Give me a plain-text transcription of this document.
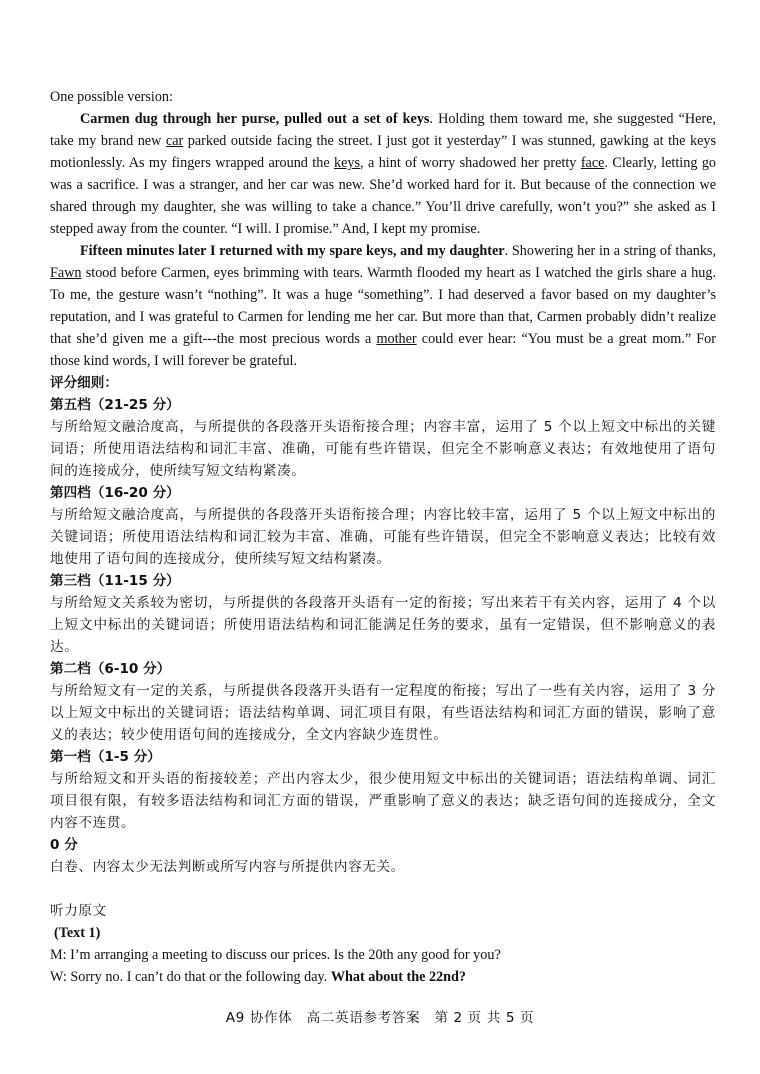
One possible version:

Carmen dug through her purse, pulled out a set of keys. Holding them toward me, she suggested “Here, take my brand new car parked outside facing the street. I just got it yesterday” I was stunned, gawking at the keys motionlessly. As my fingers wrapped around the keys, a hint of worry shadowed her pretty face. Clearly, letting go was a sacrifice. I was a stranger, and her car was new. She’d worked hard for it. But because of the connection we shared through my daughter, she was willing to take a chance.” You’ll drive carefully, won’t you?” she asked as I stepped away from the counter. “I will. I promise.” And, I kept my promise.

Fifteen minutes later I returned with my spare keys, and my daughter. Showering her in a string of thanks, Fawn stood before Carmen, eyes brimming with tears. Warmth flooded my heart as I watched the girls share a hug. To me, the gesture wasn’t “nothing”. It was a huge “something”. I had deserved a favor based on my daughter’s reputation, and I was grateful to Carmen for lending me her car. But more than that, Carmen probably didn’t realize that she’d given me a gift---the most precious words a mother could ever hear: “You must be a great mom.” For those kind words, I will forever be grateful.

评分细则：

第五档（21-25 分）

与所给短文融洽度高，与所提供的各段落开头语衔接合理；内容丰富，运用了 5 个以上短文中标出的关键词语；所使用语法结构和词汇丰富、准确，可能有些许错误，但完全不影响意义表达；有效地使用了语句间的连接成分，使所续写短文结构紧凑。

第四档（16-20 分）

与所给短文融洽度高，与所提供的各段落开头语衔接合理；内容比较丰富，运用了 5 个以上短文中标出的关键词语；所使用语法结构和词汇较为丰富、准确，可能有些许错误，但完全不影响意义表达；比较有效地使用了语句间的连接成分，使所续写短文结构紧凑。

第三档（11-15 分）

与所给短文关系较为密切，与所提供的各段落开头语有一定的衔接；写出来若干有关内容，运用了 4 个以上短文中标出的关键词语；所使用语法结构和词汇能满足任务的要求，虽有一定错误，但不影响意义的表达。

第二档（6-10 分）

与所给短文有一定的关系，与所提供各段落开头语有一定程度的衔接；写出了一些有关内容，运用了 3 分以上短文中标出的关键词语；语法结构单调、词汇项目有限，有些语法结构和词汇方面的错误，影响了意义的表达；较少使用语句间的连接成分，全文内容缺少连贯性。

第一档（1-5 分）

与所给短文和开头语的衔接较差；产出内容太少，很少使用短文中标出的关键词语；语法结构单调、词汇项目很有限，有较多语法结构和词汇方面的错误，严重影响了意义的表达；缺乏语句间的连接成分，全文内容不连贯。

0 分

白卷、内容太少无法判断或所写内容与所提供内容无关。

听力原文

(Text 1)

M: I’m arranging a meeting to discuss our prices. Is the 20th any good for you?

W: Sorry no. I can’t do that or the following day. What about the 22nd?

A9 协作体　高二英语参考答案　第 2 页 共 5 页
